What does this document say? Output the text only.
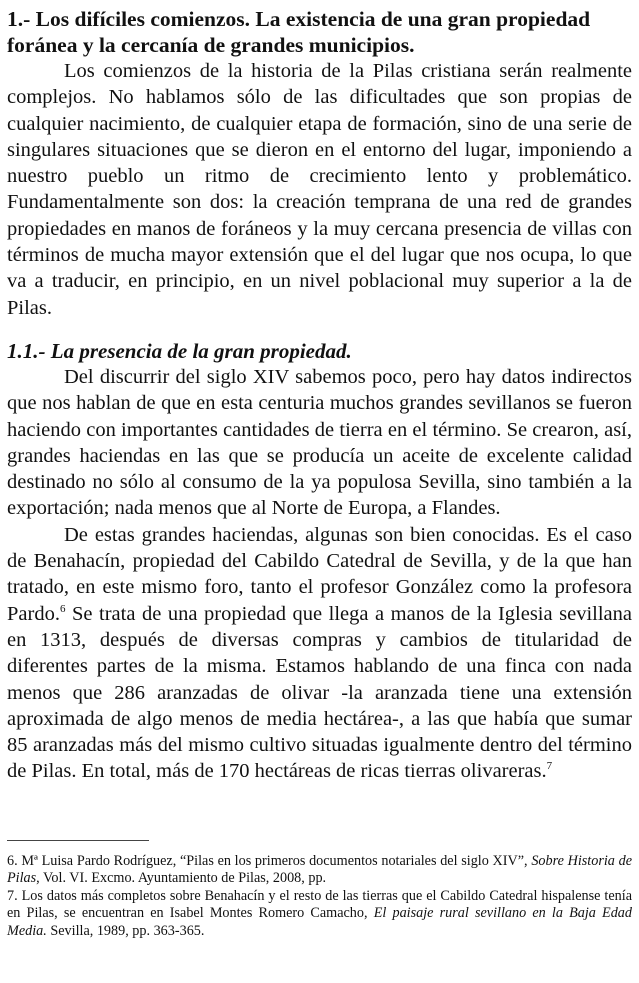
1.- Los difíciles comienzos. La existencia de una gran propiedad foránea y la cercanía de grandes municipios.

Los comienzos de la historia de la Pilas cristiana serán realmente complejos. No hablamos sólo de las dificultades que son propias de cualquier nacimiento, de cualquier etapa de formación, sino de una serie de singulares situaciones que se dieron en el entorno del lugar, imponiendo a nuestro pueblo un ritmo de crecimiento lento y problemático. Fundamentalmente son dos: la creación temprana de una red de grandes propiedades en manos de foráneos y la muy cercana presencia de villas con términos de mucha mayor extensión que el del lugar que nos ocupa, lo que va a traducir, en principio, en un nivel poblacional muy superior a la de Pilas.

1.1.- La presencia de la gran propiedad.

Del discurrir del siglo XIV sabemos poco, pero hay datos indirectos que nos hablan de que en esta centuria muchos grandes sevillanos se fueron haciendo con importantes cantidades de tierra en el término. Se crearon, así, grandes haciendas en las que se producía un aceite de excelente calidad destinado no sólo al consumo de la ya populosa Sevilla, sino también a la exportación; nada menos que al Norte de Europa, a Flandes.

De estas grandes haciendas, algunas son bien conocidas. Es el caso de Benahacín, propiedad del Cabildo Catedral de Sevilla, y de la que han tratado, en este mismo foro, tanto el profesor González como la profesora Pardo.$^6$ Se trata de una propiedad que llega a manos de la Iglesia sevillana en 1313, después de diversas compras y cambios de titularidad de diferentes partes de la misma. Estamos hablando de una finca con nada menos que 286 aranzadas de olivar -la aranzada tiene una extensión aproximada de algo menos de media hectárea-, a las que había que sumar 85 aranzadas más del mismo cultivo situadas igualmente dentro del término de Pilas. En total, más de 170 hectáreas de ricas tierras olivareras.$^7$

6. Mª Luisa Pardo Rodríguez, “Pilas en los primeros documentos notariales del siglo XIV”, Sobre Historia de Pilas, Vol. VI. Excmo. Ayuntamiento de Pilas, 2008, pp.

7. Los datos más completos sobre Benahacín y el resto de las tierras que el Cabildo Catedral hispalense tenía en Pilas, se encuentran en Isabel Montes Romero Camacho, El paisaje rural sevillano en la Baja Edad Media. Sevilla, 1989, pp. 363-365.
